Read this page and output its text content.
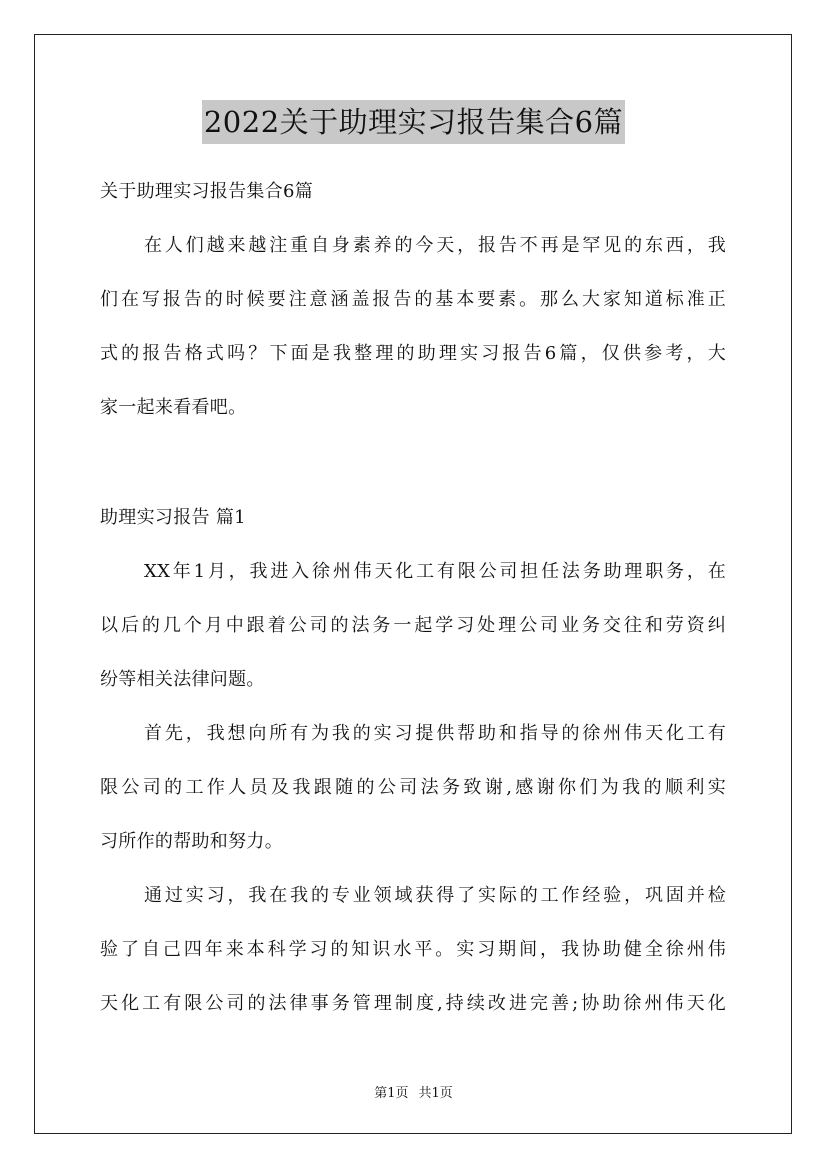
2022关于助理实习报告集合6篇
关于助理实习报告集合6篇
在人们越来越注重自身素养的今天，报告不再是罕见的东西，我
们在写报告的时候要注意涵盖报告的基本要素。那么大家知道标准正
式的报告格式吗？下面是我整理的助理实习报告6篇，仅供参考，大
家一起来看看吧。
助理实习报告 篇1
XX年1月，我进入徐州伟天化工有限公司担任法务助理职务，在
以后的几个月中跟着公司的法务一起学习处理公司业务交往和劳资纠
纷等相关法律问题。
首先，我想向所有为我的实习提供帮助和指导的徐州伟天化工有
限公司的工作人员及我跟随的公司法务致谢,感谢你们为我的顺利实
习所作的帮助和努力。
通过实习，我在我的专业领域获得了实际的工作经验，巩固并检
验了自己四年来本科学习的知识水平。实习期间，我协助健全徐州伟
天化工有限公司的法律事务管理制度,持续改进完善;协助徐州伟天化
第1页 共1页
